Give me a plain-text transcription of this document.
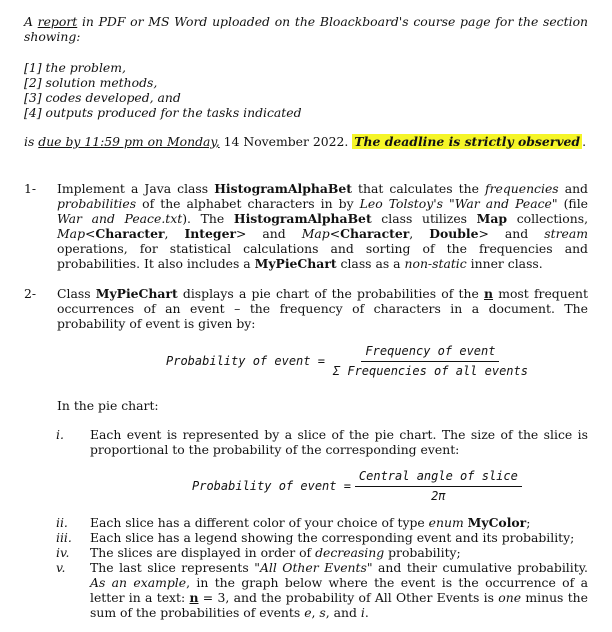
A report in PDF or MS Word uploaded on the Bloackboard's course page for the section showing:
[1] the problem,
[2] solution methods,
[3] codes developed, and
[4] outputs produced for the tasks indicated
is due by 11:59 pm on Monday, 14 November 2022. The deadline is strictly observed .
1- Implement a Java class HistogramAlphaBet that calculates the frequencies and probabilities of the alphabet characters in by Leo Tolstoy's "War and Peace" (file War and Peace.txt). The HistogramAlphaBet class utilizes Map collections, Map<Character, Integer> and Map<Character, Double> and stream operations, for statistical calculations and sorting of the frequencies and probabilities. It also includes a MyPieChart class as a non-static inner class.
2- Class MyPieChart displays a pie chart of the probabilities of the n most frequent occurrences of an event – the frequency of characters in a document. The probability of event is given by:
Probability of event = $\frac{\text{Frequency of event}}{\text{Σ Frequencies of all events}}$
In the pie chart:
i. Each event is represented by a slice of the pie chart. The size of the slice is proportional to the probability of the corresponding event:
Probability of event = $\frac{\text{Central angle of slice}}{2\pi}$
ii. Each slice has a different color of your choice of type enum MyColor;
iii. Each slice has a legend showing the corresponding event and its probability;
iv. The slices are displayed in order of decreasing probability;
v. The last slice represents "All Other Events" and their cumulative probability. As an example, in the graph below where the event is the occurrence of a letter in a text: n = 3, and the probability of All Other Events is one minus the sum of the probabilities of events e, s, and i.
